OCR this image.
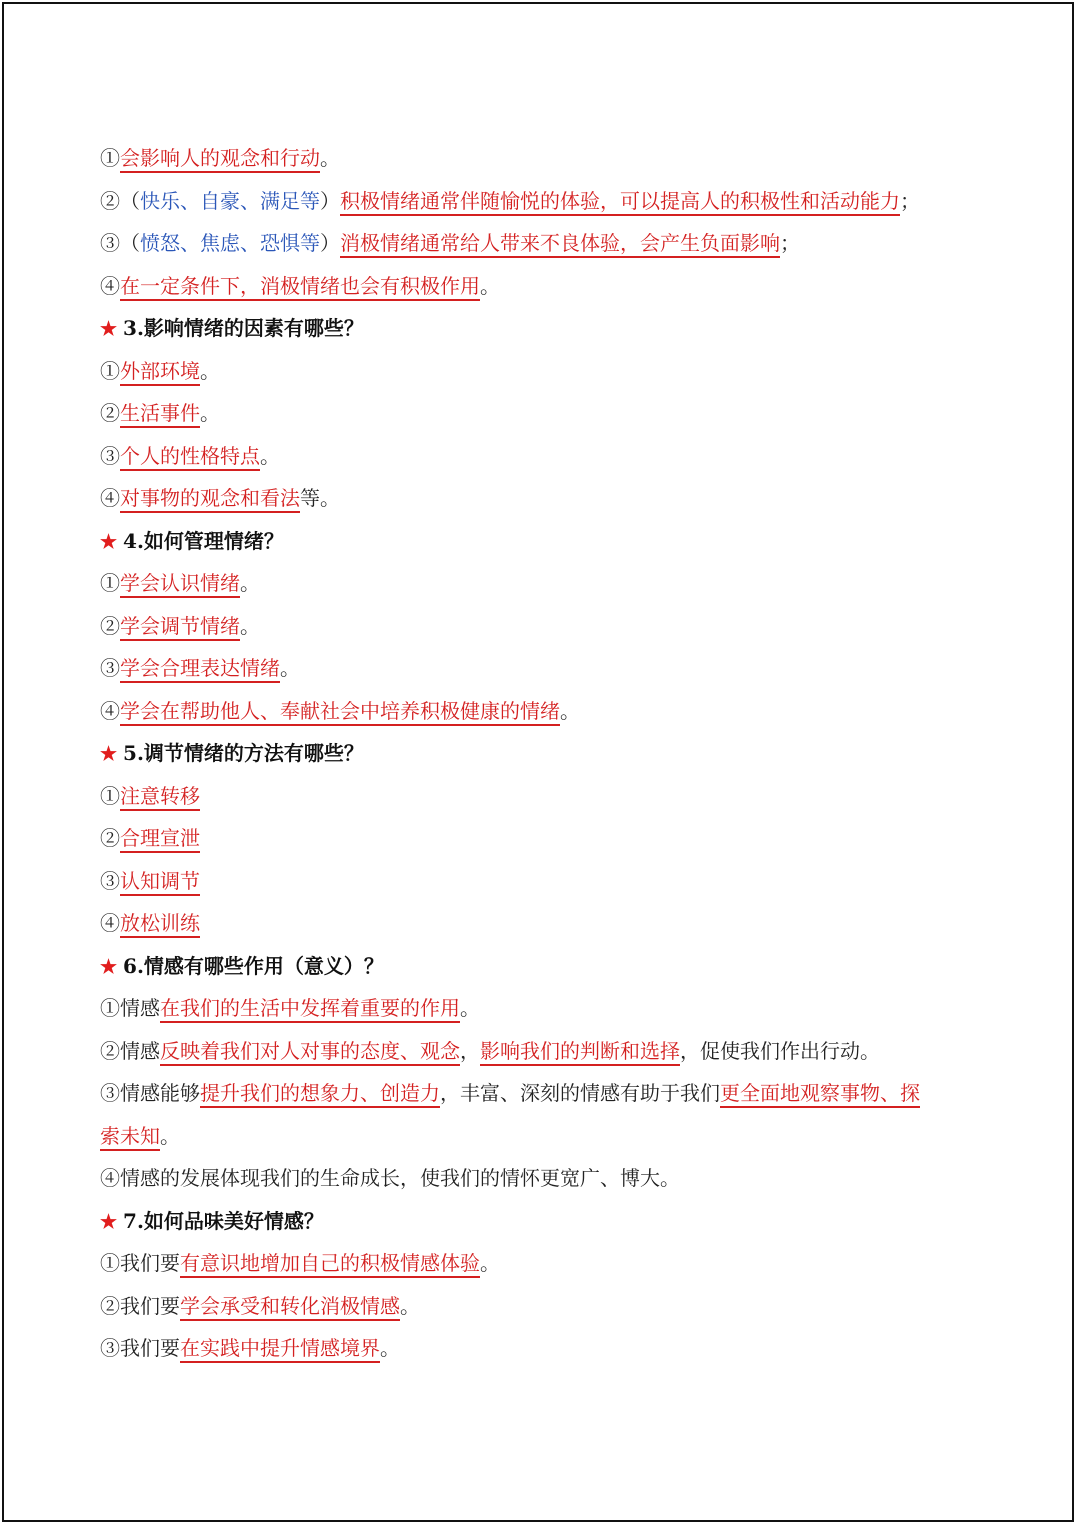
①会影响人的观念和行动。
②（快乐、自豪、满足等）积极情绪通常伴随愉悦的体验，可以提高人的积极性和活动能力；
③（愤怒、焦虑、恐惧等）消极情绪通常给人带来不良体验，会产生负面影响；
④在一定条件下，消极情绪也会有积极作用。
★ 3.影响情绪的因素有哪些？
①外部环境。
②生活事件。
③个人的性格特点。
④对事物的观念和看法等。
★ 4.如何管理情绪？
①学会认识情绪。
②学会调节情绪。
③学会合理表达情绪。
④学会在帮助他人、奉献社会中培养积极健康的情绪。
★ 5.调节情绪的方法有哪些？
①注意转移
②合理宣泄
③认知调节
④放松训练
★ 6.情感有哪些作用（意义）？
①情感在我们的生活中发挥着重要的作用。
②情感反映着我们对人对事的态度、观念，影响我们的判断和选择，促使我们作出行动。
③情感能够提升我们的想象力、创造力，丰富、深刻的情感有助于我们更全面地观察事物、探
索未知。
④情感的发展体现我们的生命成长，使我们的情怀更宽广、博大。
★ 7.如何品味美好情感？
①我们要有意识地增加自己的积极情感体验。
②我们要学会承受和转化消极情感。
③我们要在实践中提升情感境界。
